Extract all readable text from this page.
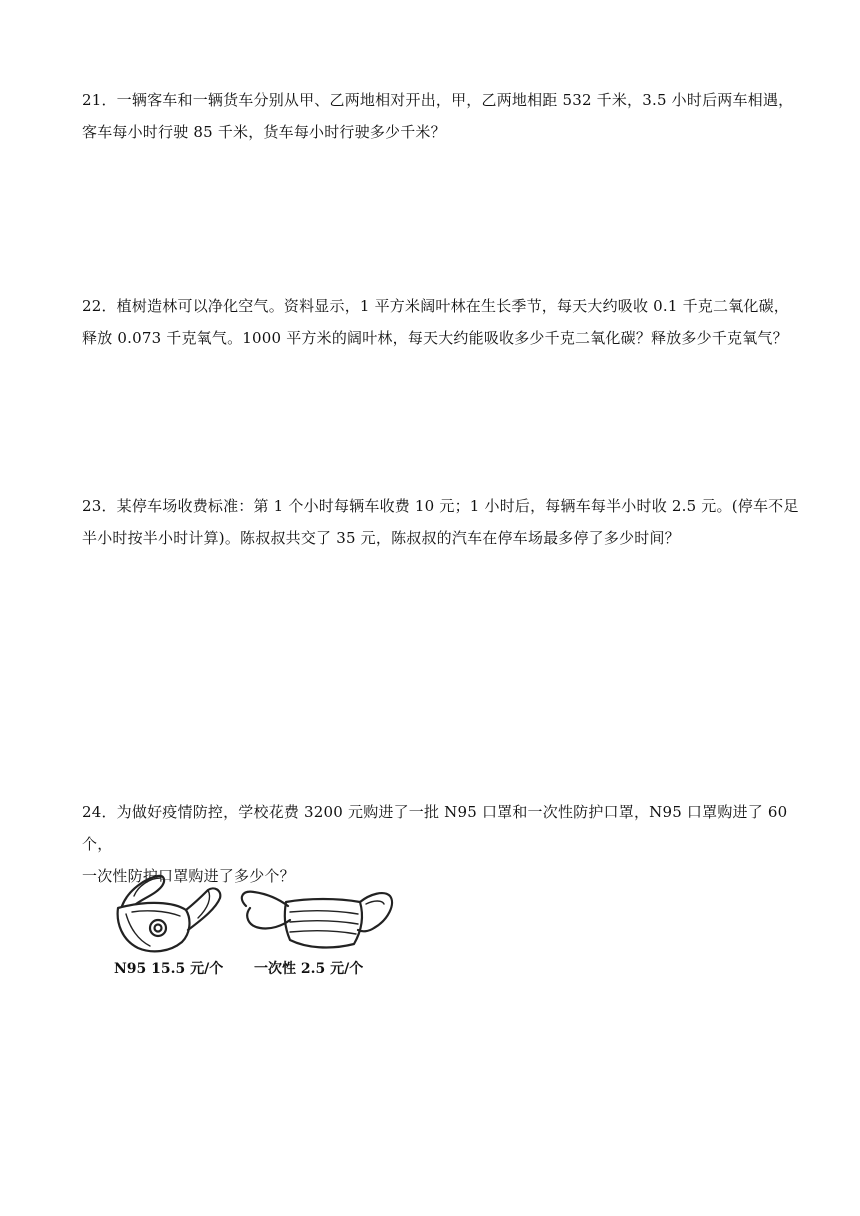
21．一辆客车和一辆货车分别从甲、乙两地相对开出，甲，乙两地相距 532 千米，3.5 小时后两车相遇，

客车每小时行驶 85 千米，货车每小时行驶多少千米？

22．植树造林可以净化空气。资料显示，1 平方米阔叶林在生长季节，每天大约吸收 0.1 千克二氧化碳，

释放 0.073 千克氧气。1000 平方米的阔叶林，每天大约能吸收多少千克二氧化碳？释放多少千克氧气？

23．某停车场收费标准：第 1 个小时每辆车收费 10 元；1 小时后，每辆车每半小时收 2.5 元。(停车不足

半小时按半小时计算)。陈叔叔共交了 35 元，陈叔叔的汽车在停车场最多停了多少时间？

24．为做好疫情防控，学校花费 3200 元购进了一批 N95 口罩和一次性防护口罩，N95 口罩购进了 60 个，

一次性防护口罩购进了多少个？

N95 15.5 元/个 一次性 2.5 元/个
